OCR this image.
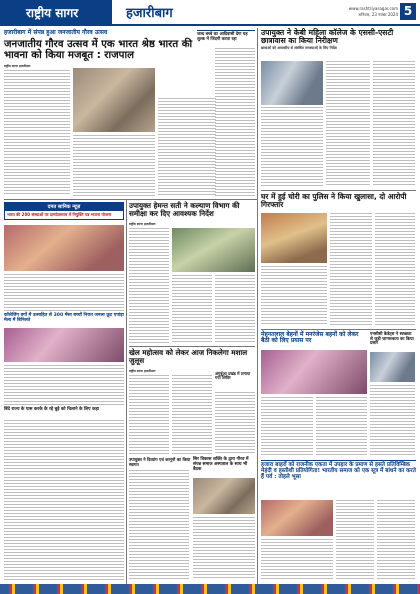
राष्ट्रीय सागर	हजारीबाग	www.rashtriyasagar.com
शनिवार, 23 नवंबर 2024 5
हजारीबाग में संपन्न हुआ जनजातीय गौरव उत्सव
जनजातीय गौरव उत्सव में एक भारत श्रेष्ठ भारत की भावना को किया मजबूत : राजपाल
राष्ट्रीय सागर हजारीबाग
जल्द बच्चे का आदिवासी देगा यह शुल्क में जिंदगी करता रहा
उपायुक्त ने केबी महिला कॉलेज के एससी-एसटी छात्रावास का किया निरीक्षण
छात्राओं को आवासीय से संबंधित समस्याओं के लिए निर्देश
घर में हुई चोरी का पुलिस ने किया खुलासा, दो आरोपी गिरफ्तार
दमत सानिक न्यूज़
भारत की 200 संस्थाओं पर दामदेवसयम में नियुक्ति पत्र भावना योजना
कॉलेजिंग वर्गो में उत्साहित से 300 मेंसा बच्चों निरात जनला फ्रूट एपांड़ा मेला में बिनिलते
बिंदे राज्य के पास करके के रहे बुड़े को चिलाने के लिए कहा
उपायुक्त हेमन्त सती ने कल्याण विभाग की समीक्षा कर दिए आवश्यक निर्देश
राष्ट्रीय सागर हजारीबाग
खेल महोत्सव को लेकर आज निकलेगा मशाल जुलूस
राष्ट्रीय सागर हजारीबाग	अंगुर्बुआ प्रखंड में लगाया गया शिविर
उपायुक्त ने दिव्यांग एवं कानूनों का किया स्वागत
सिर विकास शक्ति के द्वारा गौरव में संपन्न समाज अस्पताल के साथ भी बैठक
मेहनतलाल बेहनों में मनरंजेस बहनों को लेकर बैठी को लिए प्रयास पर
एनसीसी कैडेट्स ने स्वच्छता से जुड़ी जागरूकता का किया प्रसार
हजारा बाहरों को राजनीक एकता में उपहार के प्रमाण से हसते प्रतिविम्बिक मेहंदी व हस्तीशी प्रतियोगिता! भारतीय समाज को एक सूत्र में बांधने का करते हैं पर्व : तोहले भूसा
